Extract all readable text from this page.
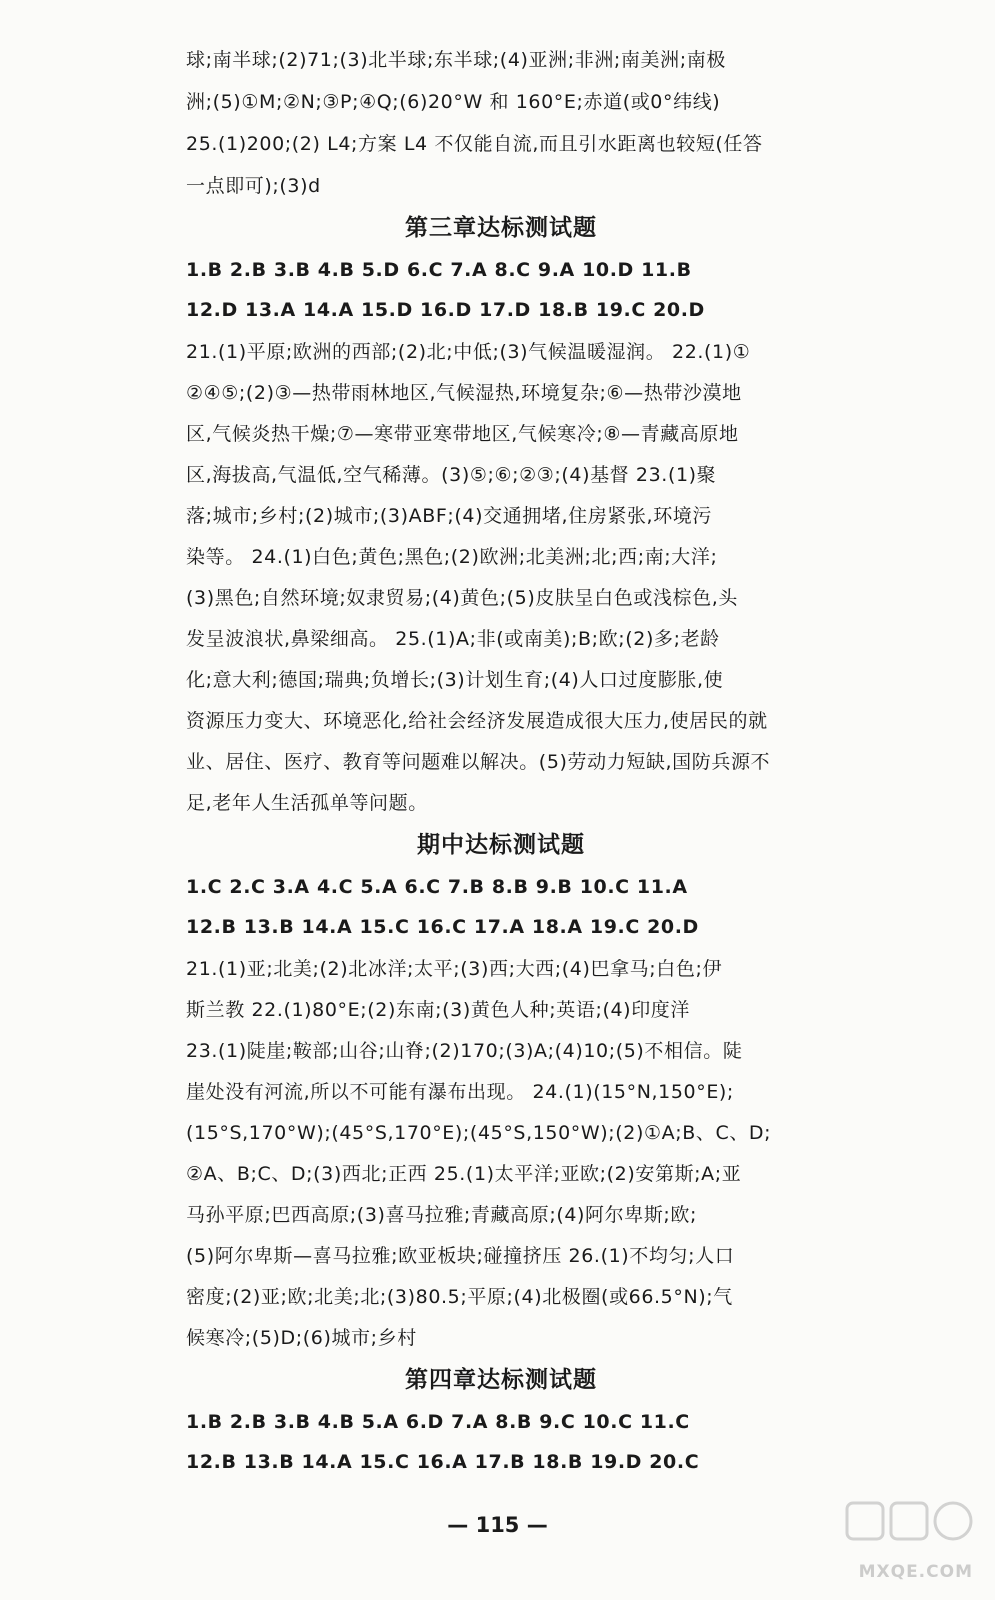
球;南半球;(2)71;(3)北半球;东半球;(4)亚洲;非洲;南美洲;南极
洲;(5)①M;②N;③P;④Q;(6)20°W 和 160°E;赤道(或0°纬线)
25.(1)200;(2) L4;方案 L4 不仅能自流,而且引水距离也较短(任答
一点即可);(3)d
第三章达标测试题
1.B 2.B 3.B 4.B 5.D 6.C 7.A 8.C 9.A 10.D 11.B
12.D 13.A 14.A 15.D 16.D 17.D 18.B 19.C 20.D
21.(1)平原;欧洲的西部;(2)北;中低;(3)气候温暖湿润。 22.(1)①
②④⑤;(2)③—热带雨林地区,气候湿热,环境复杂;⑥—热带沙漠地
区,气候炎热干燥;⑦—寒带亚寒带地区,气候寒冷;⑧—青藏高原地
区,海拔高,气温低,空气稀薄。(3)⑤;⑥;②③;(4)基督 23.(1)聚
落;城市;乡村;(2)城市;(3)ABF;(4)交通拥堵,住房紧张,环境污
染等。 24.(1)白色;黄色;黑色;(2)欧洲;北美洲;北;西;南;大洋;
(3)黑色;自然环境;奴隶贸易;(4)黄色;(5)皮肤呈白色或浅棕色,头
发呈波浪状,鼻梁细高。 25.(1)A;非(或南美);B;欧;(2)多;老龄
化;意大利;德国;瑞典;负增长;(3)计划生育;(4)人口过度膨胀,使
资源压力变大、环境恶化,给社会经济发展造成很大压力,使居民的就
业、居住、医疗、教育等问题难以解决。(5)劳动力短缺,国防兵源不
足,老年人生活孤单等问题。
期中达标测试题
1.C 2.C 3.A 4.C 5.A 6.C 7.B 8.B 9.B 10.C 11.A
12.B 13.B 14.A 15.C 16.C 17.A 18.A 19.C 20.D
21.(1)亚;北美;(2)北冰洋;太平;(3)西;大西;(4)巴拿马;白色;伊
斯兰教 22.(1)80°E;(2)东南;(3)黄色人种;英语;(4)印度洋
23.(1)陡崖;鞍部;山谷;山脊;(2)170;(3)A;(4)10;(5)不相信。陡
崖处没有河流,所以不可能有瀑布出现。 24.(1)(15°N,150°E);
(15°S,170°W);(45°S,170°E);(45°S,150°W);(2)①A;B、C、D;
②A、B;C、D;(3)西北;正西 25.(1)太平洋;亚欧;(2)安第斯;A;亚
马孙平原;巴西高原;(3)喜马拉雅;青藏高原;(4)阿尔卑斯;欧;
(5)阿尔卑斯—喜马拉雅;欧亚板块;碰撞挤压 26.(1)不均匀;人口
密度;(2)亚;欧;北美;北;(3)80.5;平原;(4)北极圈(或66.5°N);气
候寒冷;(5)D;(6)城市;乡村
第四章达标测试题
1.B 2.B 3.B 4.B 5.A 6.D 7.A 8.B 9.C 10.C 11.C
12.B 13.B 14.A 15.C 16.A 17.B 18.B 19.D 20.C
— 115 —
MXQE.COM
